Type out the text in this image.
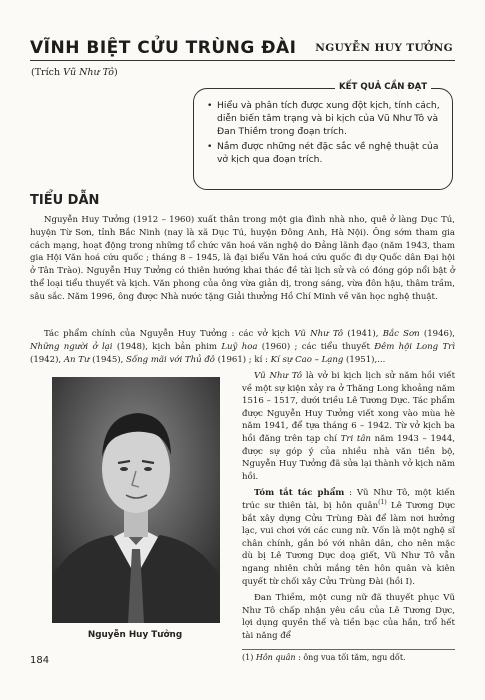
VĨNH BIỆT CỬU TRÙNG ĐÀI NGUYỄN HUY TƯỞNG
(Trích Vũ Như Tô)
• Hiểu và phân tích được xung đột kịch, tính cách, diễn biến tâm trạng và bi kịch của Vũ Như Tô và Đan Thiềm trong đoạn trích.
• Nắm được những nét đặc sắc về nghệ thuật của vở kịch qua đoạn trích.
KẾT QUẢ CẦN ĐẠT
TIỂU DẪN
Nguyễn Huy Tưởng (1912 – 1960) xuất thân trong một gia đình nhà nho, quê ở làng Dục Tú, huyện Từ Sơn, tỉnh Bắc Ninh (nay là xã Dục Tú, huyện Đông Anh, Hà Nội). Ông sớm tham gia cách mạng, hoạt động trong những tổ chức văn hoá văn nghệ do Đảng lãnh đạo (năm 1943, tham gia Hội Văn hoá cứu quốc ; tháng 8 – 1945, là đại biểu Văn hoá cứu quốc đi dự Quốc dân Đại hội ở Tân Trào). Nguyễn Huy Tưởng có thiên hướng khai thác đề tài lịch sử và có đóng góp nổi bật ở thể loại tiểu thuyết và kịch. Văn phong của ông vừa giản dị, trong sáng, vừa đôn hậu, thâm trầm, sâu sắc. Năm 1996, ông được Nhà nước tặng Giải thưởng Hồ Chí Minh về văn học nghệ thuật.
Tác phẩm chính của Nguyễn Huy Tưởng : các vở kịch Vũ Như Tô (1941), Bắc Sơn (1946), Những người ở lại (1948), kịch bản phim Luỹ hoa (1960) ; các tiểu thuyết Đêm hội Long Trì (1942), An Tư (1945), Sống mãi với Thủ đô (1961) ; kí : Kí sự Cao – Lạng (1951),...
Nguyễn Huy Tưởng

Vũ Như Tô là vở bi kịch lịch sử năm hồi viết về một sự kiện xảy ra ở Thăng Long khoảng năm 1516 – 1517, dưới triều Lê Tương Dực. Tác phẩm được Nguyễn Huy Tưởng viết xong vào mùa hè năm 1941, để tựa tháng 6 – 1942. Từ vở kịch ba hồi đăng trên tạp chí Tri tân năm 1943 – 1944, được sự góp ý của nhiều nhà văn tiền bộ, Nguyễn Huy Tưởng đã sửa lại thành vở kịch năm hồi.

Tóm tắt tác phẩm : Vũ Như Tô, một kiến trúc sư thiên tài, bị hôn quân$^{(1)}$ Lê Tương Dực bắt xây dựng Cửu Trùng Đài để làm nơi hưởng lạc, vui chơi với các cung nữ. Vốn là một nghệ sĩ chân chính, gắn bó với nhân dân, cho nên mặc dù bị Lê Tương Dực doạ giết, Vũ Như Tô vẫn ngang nhiên chửi mắng tên hôn quân và kiên quyết từ chối xây Cửu Trùng Đài (hồi I).

Đan Thiềm, một cung nữ đã thuyết phục Vũ Như Tô chấp nhận yêu cầu của Lê Tương Dực, lợi dụng quyền thế và tiền bạc của hắn, trổ hết tài năng để

(1) Hôn quân : ông vua tối tăm, ngu dốt.
184
